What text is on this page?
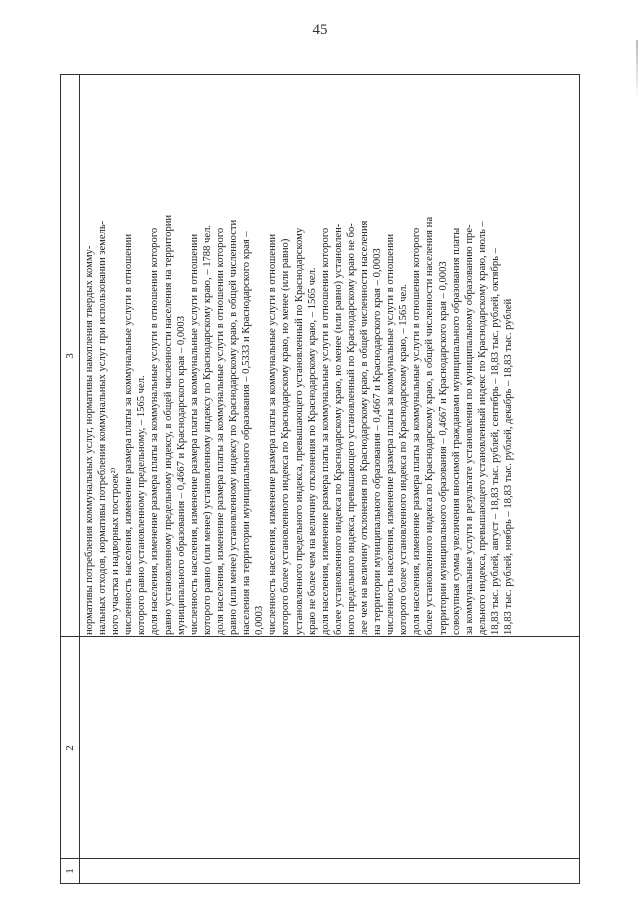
45
1
2
3 нормативы потребления коммунальных услуг, нормативы накопления твердых комму- нальных отходов, нормативы потребления коммунальных услуг при использовании земель- ного участка и надворных построек²⁾ численность населения, изменение размера платы за коммунальные услуги в отношении которого равно установленному предельному, – 1565 чел. доля населения, изменение размера платы за коммунальные услуги в отношении которого равно установленному предельному индексу, в общей численности населения на территории муниципального образования – 0,4667 и Краснодарского края – 0,0003 численность населения, изменение размера платы за коммунальные услуги в отношении которого равно (или менее) установленному индексу по Краснодарскому краю, – 1788 чел. доля населения, изменение размера платы за коммунальные услуги в отношении которого равно (или менее) установленному индексу по Краснодарскому краю, в общей численности населения на территории муниципального образования – 0,5333 и Краснодарского края – 0,0003 численность населения, изменение размера платы за коммунальные услуги в отношении которого более установленного индекса по Краснодарскому краю, но менее (или равно) установленного предельного индекса, превышающего установленный по Краснодарскому краю не более чем на величину отклонения по Краснодарскому краю, – 1565 чел. доля населения, изменение размера платы за коммунальные услуги в отношении которого более установленного индекса по Краснодарскому краю, но менее (или равно) установлен- ного предельного индекса, превышающего установленный по Краснодарскому краю не бо- лее чем на величину отклонения по Краснодарскому краю, в общей численности населения на территории муниципального образования – 0,4667 и Краснодарского края – 0,0003 численность населения, изменение размера платы за коммунальные услуги в отношении которого более установленного индекса по Краснодарскому краю, – 1565 чел. доля населения, изменение размера платы за коммунальные услуги в отношении которого более установленного индекса по Краснодарскому краю, в общей численности населения на территории муниципального образования – 0,4667 и Краснодарского края – 0,0003 совокупная сумма увеличения вносимой гражданами муниципального образования платы за коммунальные услуги в результате установления по муниципальному образованию пре- дельного индекса, превышающего установленный индекс по Краснодарскому краю, июль – 18,83 тыс. рублей, август – 18,83 тыс. рублей, сентябрь – 18,83 тыс. рублей, октябрь – 18,83 тыс. рублей, ноябрь – 18,83 тыс. рублей, декабрь – 18,83 тыс. рублей
